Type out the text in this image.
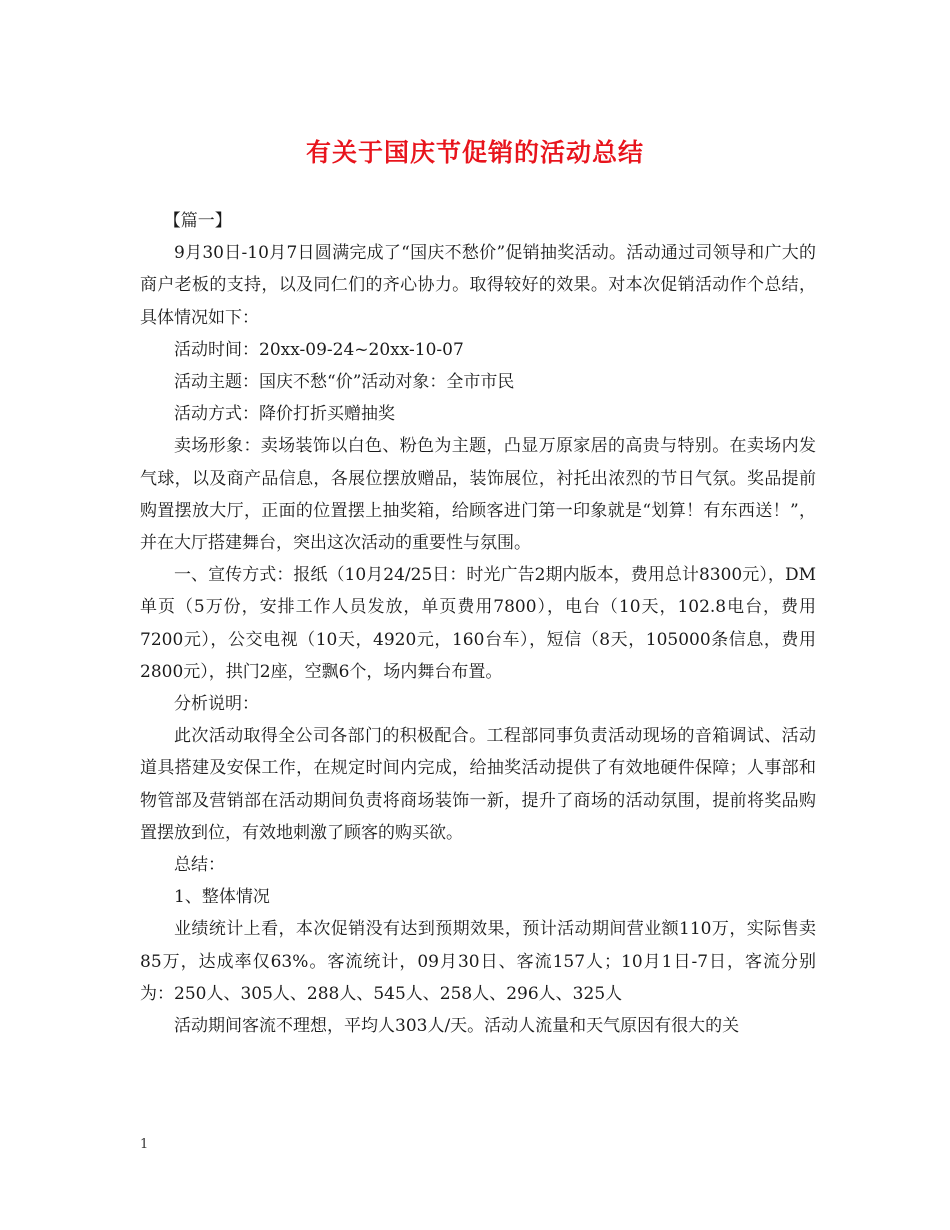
有关于国庆节促销的活动总结

【篇一】

9月30日-10月7日圆满完成了“国庆不愁价”促销抽奖活动。活动通过司领导和广大的商户老板的支持，以及同仁们的齐心协力。取得较好的效果。对本次促销活动作个总结，具体情况如下：

活动时间：20xx-09-24~20xx-10-07

活动主题：国庆不愁“价”活动对象：全市市民

活动方式：降价打折买赠抽奖

卖场形象：卖场装饰以白色、粉色为主题，凸显万原家居的高贵与特别。在卖场内发气球，以及商产品信息，各展位摆放赠品，装饰展位，衬托出浓烈的节日气氛。奖品提前购置摆放大厅，正面的位置摆上抽奖箱，给顾客进门第一印象就是“划算！有东西送！”，并在大厅搭建舞台，突出这次活动的重要性与氛围。

一、宣传方式：报纸（10月24/25日：时光广告2期内版本，费用总计8300元），DM单页（5万份，安排工作人员发放，单页费用7800），电台（10天，102.8电台，费用7200元），公交电视（10天，4920元，160台车），短信（8天，105000条信息，费用2800元），拱门2座，空飘6个，场内舞台布置。

分析说明：

此次活动取得全公司各部门的积极配合。工程部同事负责活动现场的音箱调试、活动道具搭建及安保工作，在规定时间内完成，给抽奖活动提供了有效地硬件保障；人事部和物管部及营销部在活动期间负责将商场装饰一新，提升了商场的活动氛围，提前将奖品购置摆放到位，有效地刺激了顾客的购买欲。

总结：

1、整体情况

业绩统计上看，本次促销没有达到预期效果，预计活动期间营业额110万，实际售卖85万，达成率仅63%。客流统计，09月30日、客流157人；10月1日-7日，客流分别为：250人、305人、288人、545人、258人、296人、325人

活动期间客流不理想，平均人303人/天。活动人流量和天气原因有很大的关

1
